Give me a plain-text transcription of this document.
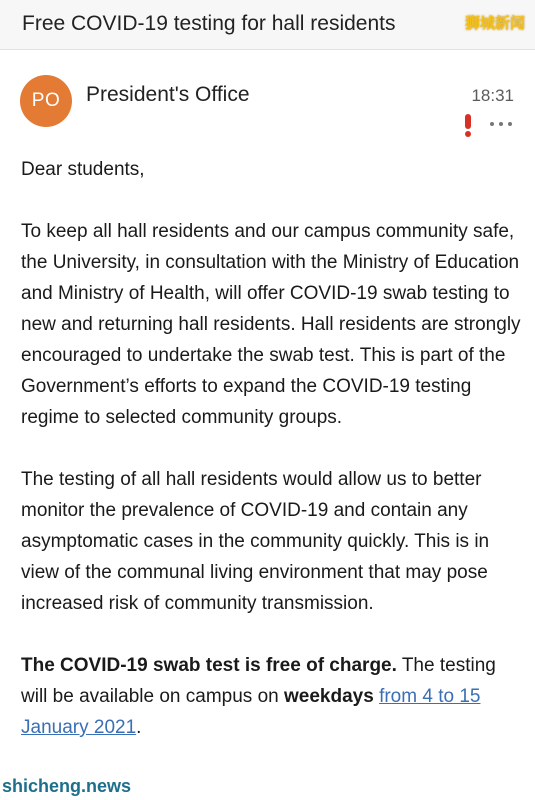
Free COVID-19 testing for hall residents	狮城新闻
PO	President's Office	18:31

Dear students,

To keep all hall residents and our campus community safe, the University, in consultation with the Ministry of Education and Ministry of Health, will offer COVID-19 swab testing to new and returning hall residents. Hall residents are strongly encouraged to undertake the swab test. This is part of the Government’s efforts to expand the COVID-19 testing regime to selected community groups.

The testing of all hall residents would allow us to better monitor the prevalence of COVID-19 and contain any asymptomatic cases in the community quickly. This is in view of the communal living environment that may pose increased risk of community transmission.

The COVID-19 swab test is free of charge. The testing will be available on campus on weekdays from 4 to 15 January 2021.

shicheng.news
